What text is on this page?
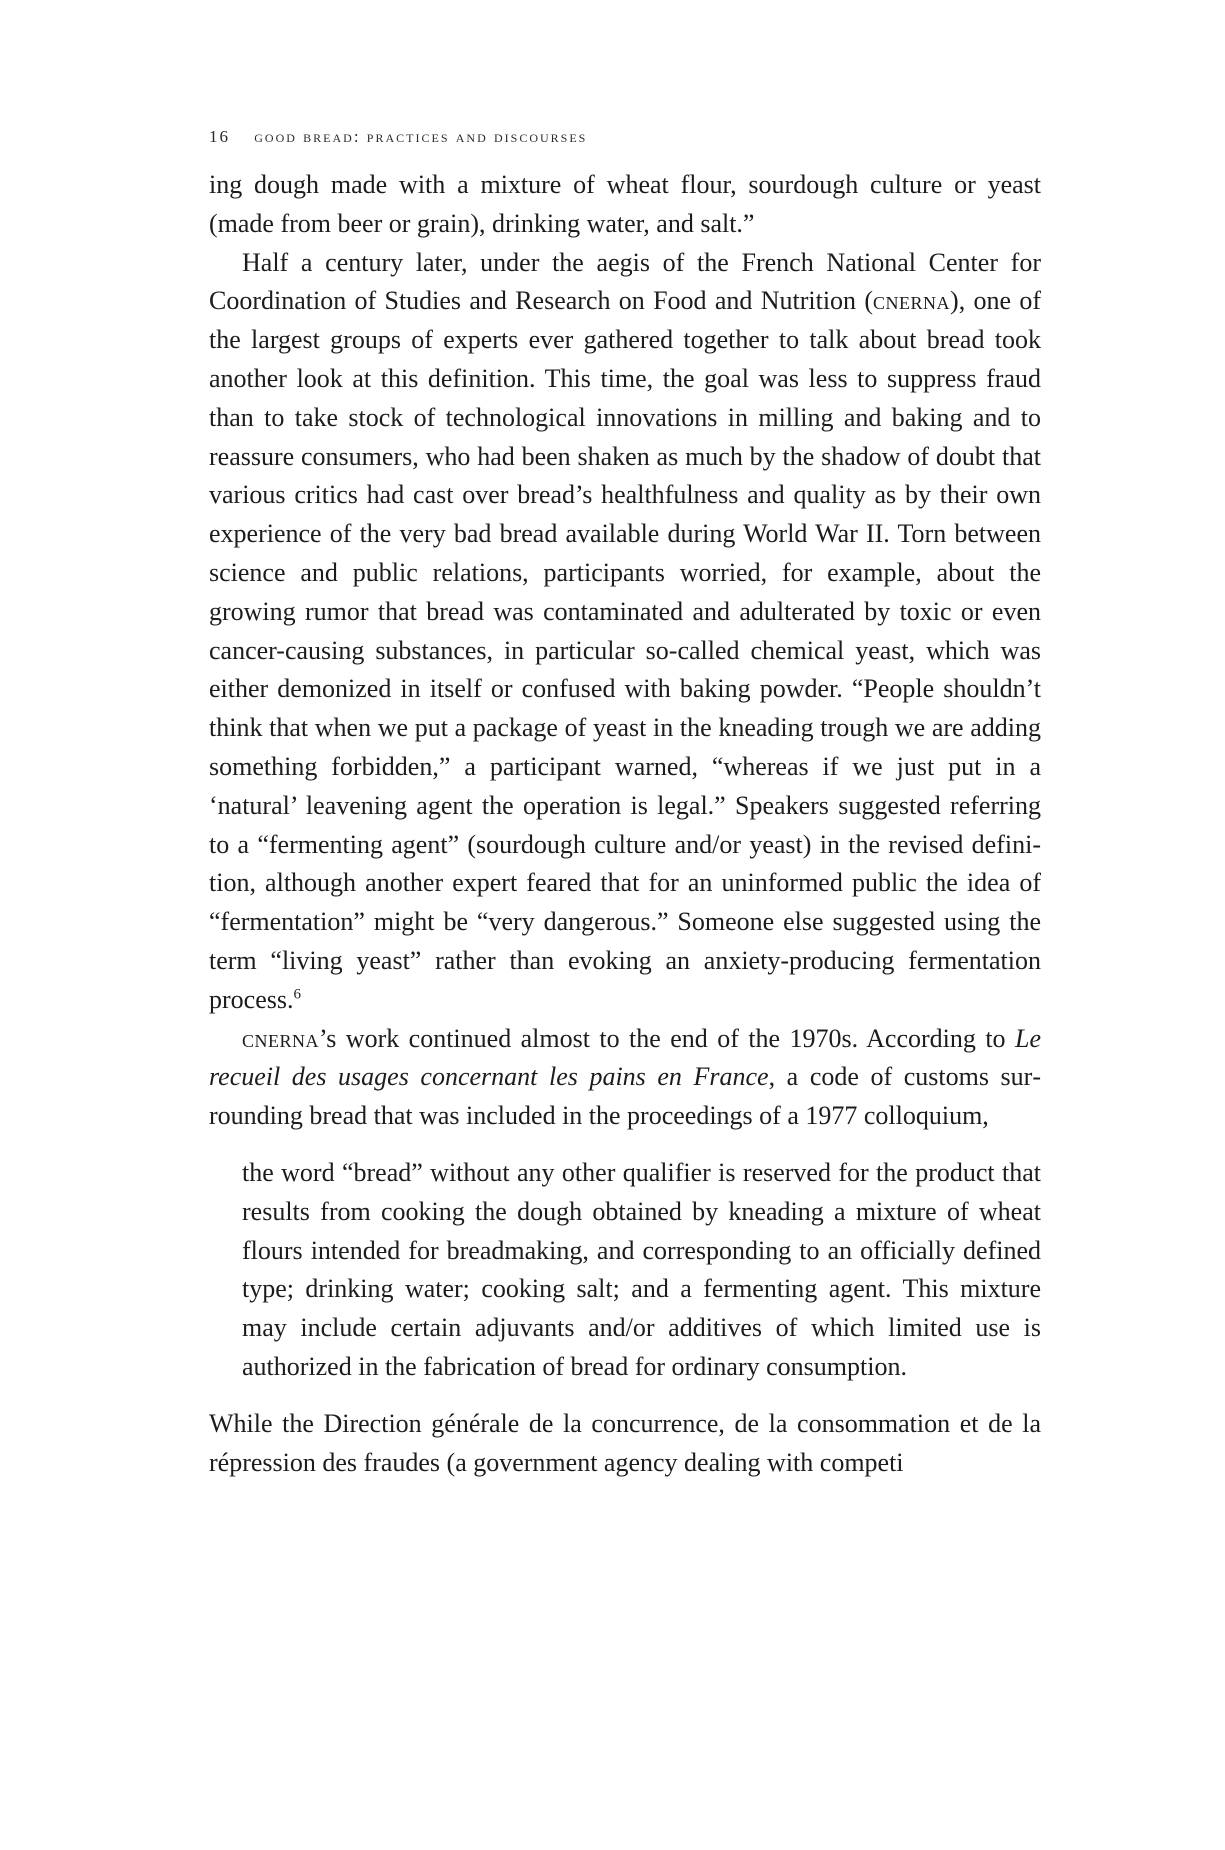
16 good bread: practices and discourses

ing dough made with a mixture of wheat flour, sourdough culture or yeast (made from beer or grain), drinking water, and salt.”

Half a century later, under the aegis of the French National Center for Coordination of Studies and Research on Food and Nutrition (cnerna), one of the largest groups of experts ever gathered together to talk about bread took another look at this definition. This time, the goal was less to suppress fraud than to take stock of technological innovations in milling and baking and to reassure consumers, who had been shaken as much by the shadow of doubt that various critics had cast over bread’s healthfulness and quality as by their own experience of the very bad bread available during World War II. Torn between science and public relations, participants worried, for example, about the growing rumor that bread was contaminated and adulterated by toxic or even cancer-causing substances, in particular so-called chemical yeast, which was either demonized in itself or confused with baking powder. “People shouldn’t think that when we put a package of yeast in the kneading trough we are adding something forbidden,” a participant warned, “whereas if we just put in a ‘natural’ leavening agent the operation is legal.” Speakers suggested referring to a “fermenting agent” (sourdough culture and/or yeast) in the revised definition, although another expert feared that for an uninformed public the idea of “fermentation” might be “very dangerous.” Someone else suggested using the term “living yeast” rather than evoking an anxiety-producing fermentation process.$^6$

cnerna’s work continued almost to the end of the 1970s. According to Le recueil des usages concernant les pains en France, a code of customs surrounding bread that was included in the proceedings of a 1977 colloquium,

the word “bread” without any other qualifier is reserved for the product that results from cooking the dough obtained by kneading a mixture of wheat flours intended for breadmaking, and corresponding to an officially defined type; drinking water; cooking salt; and a fermenting agent. This mixture may include certain adjuvants and/or additives of which limited use is authorized in the fabrication of bread for ordinary consumption.

While the Direction générale de la concurrence, de la consommation et de la répression des fraudes (a government agency dealing with competi
